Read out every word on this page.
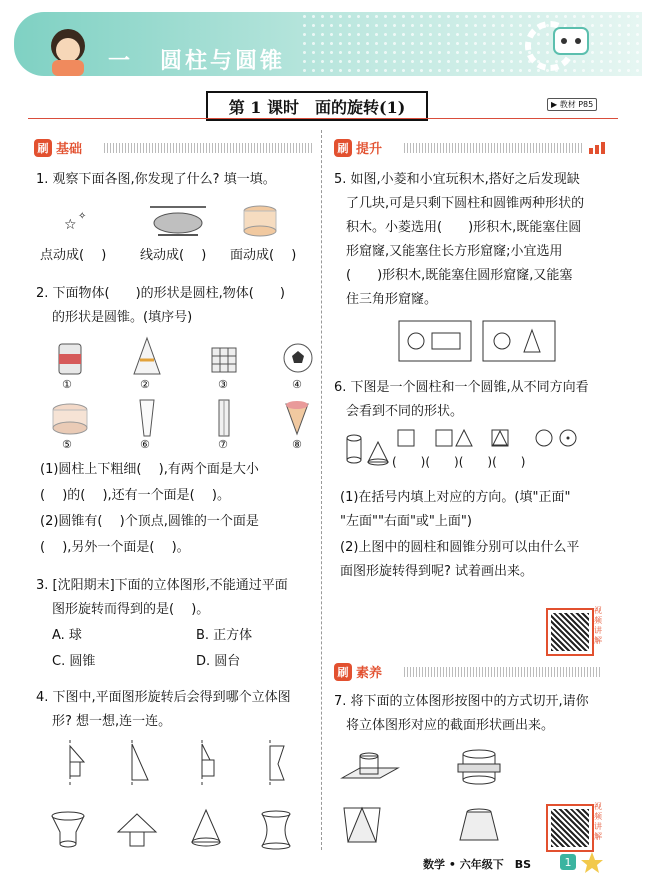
一 圆柱与圆锥
第 1 课时　面的旋转(1)	▶ 教材 P85
刷 基础
1. 观察下面各图,你发现了什么? 填一填。
☆
✧
点动成(　 )	线动成(　 ) 面动成(　 )
2. 下面物体(　　)的形状是圆柱,物体(　　)
的形状是圆锥。(填序号)
①	②	③	④
⑤	⑥	⑦	⑧
(1)圆柱上下粗细(　 ),有两个面是大小
(　 )的(　 ),还有一个面是(　 )。
(2)圆锥有(　 )个顶点,圆锥的一个面是
(　 ),另外一个面是(　 )。
3. [沈阳期末]下面的立体图形,不能通过平面
图形旋转而得到的是(　 )。
A. 球	B. 正方体
C. 圆锥	D. 圆台
4. 下图中,平面图形旋转后会得到哪个立体图
形? 想一想,连一连。
刷 提升
5. 如图,小菱和小宜玩积木,搭好之后发现缺
了几块,可是只剩下圆柱和圆锥两种形状的
积木。小菱选用(　　)形积木,既能塞住圆
形窟窿,又能塞住长方形窟窿;小宜选用
(　　)形积木,既能塞住圆形窟窿,又能塞
住三角形窟窿。
6. 下图是一个圆柱和一个圆锥,从不同方向看
会看到不同的形状。
(　　)(　　)(　　)(　　)
(1)在括号内填上对应的方向。(填"正面"
"左面""右面"或"上面")
(2)上图中的圆柱和圆锥分别可以由什么平
面图形旋转得到呢? 试着画出来。
视频讲解
刷 素养
7. 将下面的立体图形按图中的方式切开,请你
将立体图形对应的截面形状画出来。
视频讲解
数学 • 六年级下　BS	1
